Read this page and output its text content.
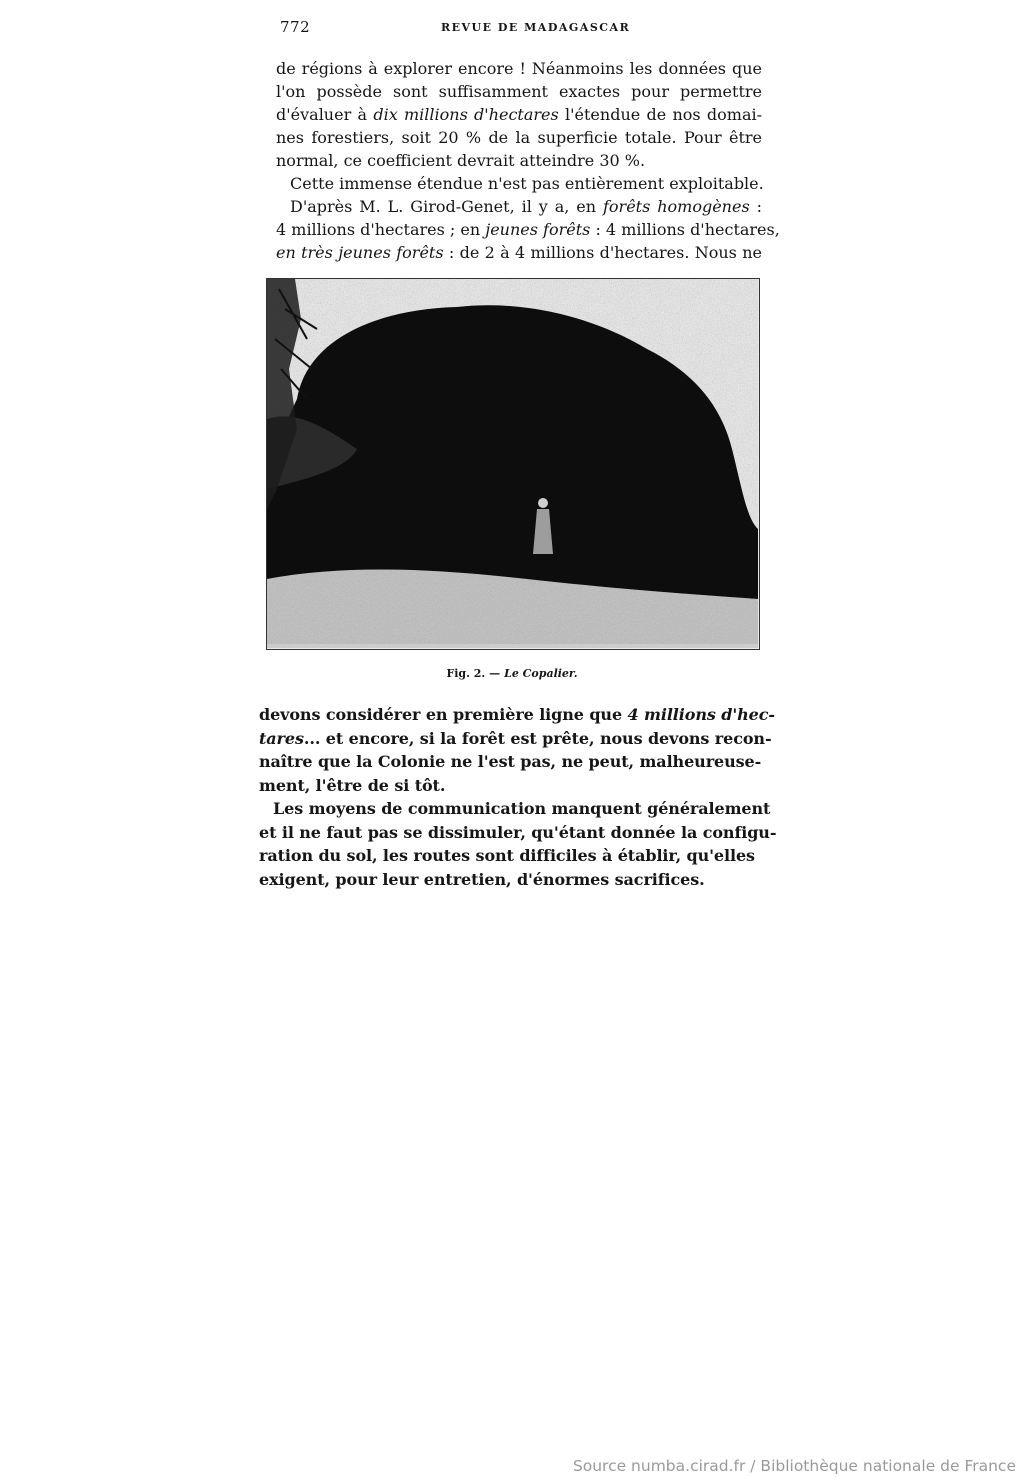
772	REVUE DE MADAGASCAR
de régions à explorer encore ! Néanmoins les données que
l'on possède sont suffisamment exactes pour permettre
d'évaluer à dix millions d'hectares l'étendue de nos domai-
nes forestiers, soit 20 % de la superficie totale. Pour être
normal, ce coefficient devrait atteindre 30 %.
Cette immense étendue n'est pas entièrement exploitable.
D'après M. L. Girod-Genet, il y a, en forêts homogènes :
4 millions d'hectares ; en jeunes forêts : 4 millions d'hectares,
en très jeunes forêts : de 2 à 4 millions d'hectares. Nous ne
Fig. 2. — Le Copalier.
devons considérer en première ligne que 4 millions d'hec-
tares... et encore, si la forêt est prête, nous devons recon-
naître que la Colonie ne l'est pas, ne peut, malheureuse-
ment, l'être de si tôt.
Les moyens de communication manquent généralement
et il ne faut pas se dissimuler, qu'étant donnée la configu-
ration du sol, les routes sont difficiles à établir, qu'elles
exigent, pour leur entretien, d'énormes sacrifices.
Source numba.cirad.fr / Bibliothèque nationale de France
